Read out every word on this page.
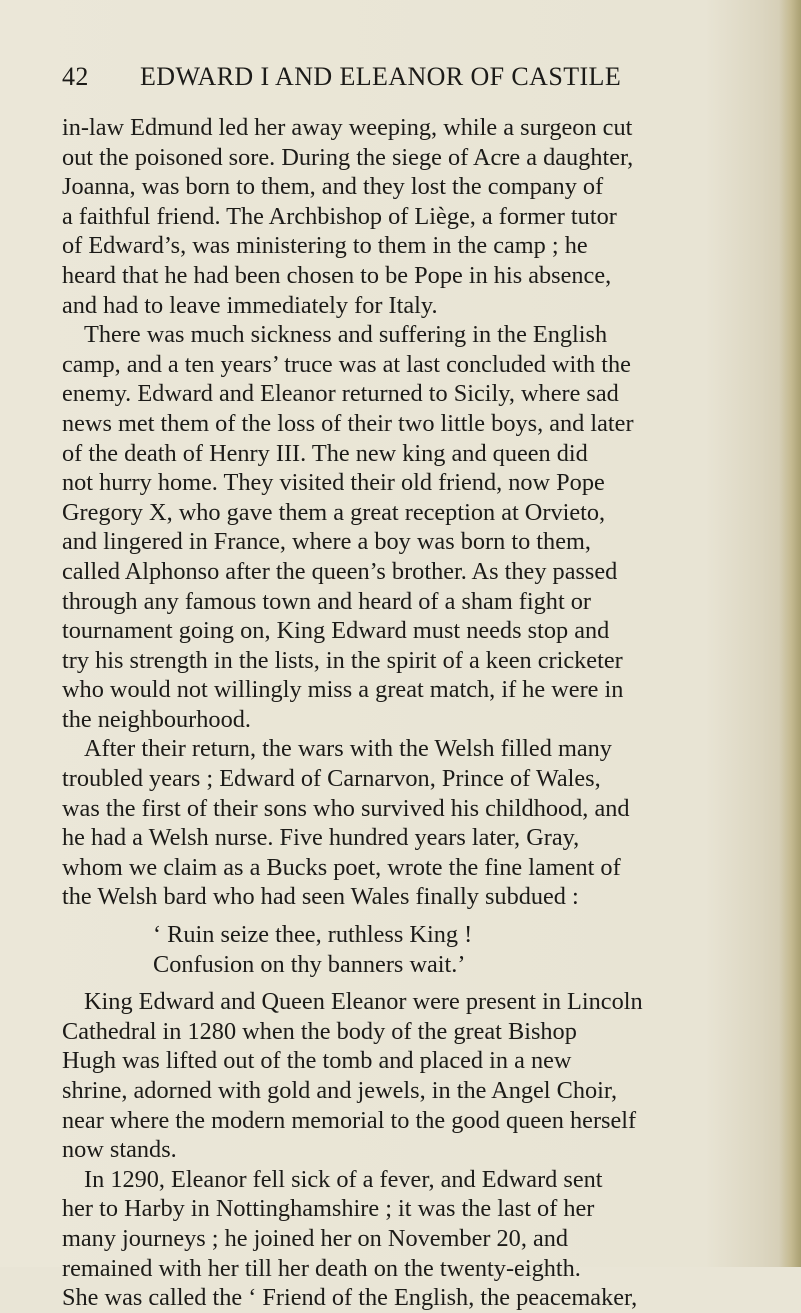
42 EDWARD I AND ELEANOR OF CASTILE
in-law Edmund led her away weeping, while a surgeon cut
out the poisoned sore. During the siege of Acre a daughter,
Joanna, was born to them, and they lost the company of
a faithful friend. The Archbishop of Liège, a former tutor
of Edward’s, was ministering to them in the camp ; he
heard that he had been chosen to be Pope in his absence,
and had to leave immediately for Italy.
There was much sickness and suffering in the English
camp, and a ten years’ truce was at last concluded with the
enemy. Edward and Eleanor returned to Sicily, where sad
news met them of the loss of their two little boys, and later
of the death of Henry III. The new king and queen did
not hurry home. They visited their old friend, now Pope
Gregory X, who gave them a great reception at Orvieto,
and lingered in France, where a boy was born to them,
called Alphonso after the queen’s brother. As they passed
through any famous town and heard of a sham fight or
tournament going on, King Edward must needs stop and
try his strength in the lists, in the spirit of a keen cricketer
who would not willingly miss a great match, if he were in
the neighbourhood.
After their return, the wars with the Welsh filled many
troubled years ; Edward of Carnarvon, Prince of Wales,
was the first of their sons who survived his childhood, and
he had a Welsh nurse. Five hundred years later, Gray,
whom we claim as a Bucks poet, wrote the fine lament of
the Welsh bard who had seen Wales finally subdued :
‘ Ruin seize thee, ruthless King !
Confusion on thy banners wait.’
King Edward and Queen Eleanor were present in Lincoln
Cathedral in 1280 when the body of the great Bishop
Hugh was lifted out of the tomb and placed in a new
shrine, adorned with gold and jewels, in the Angel Choir,
near where the modern memorial to the good queen herself
now stands.
In 1290, Eleanor fell sick of a fever, and Edward sent
her to Harby in Nottinghamshire ; it was the last of her
many journeys ; he joined her on November 20, and
remained with her till her death on the twenty-eighth.
She was called the ‘ Friend of the English, the peacemaker,
